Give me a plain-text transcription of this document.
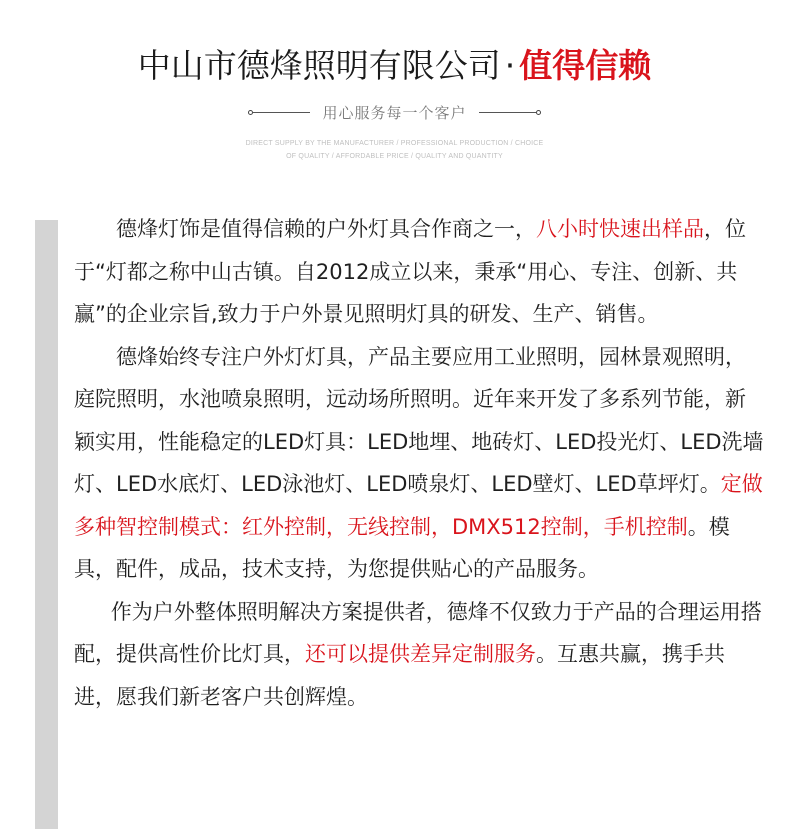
中山市德烽照明有限公司 · 值得信赖
用心服务每一个客户
DIRECT SUPPLY BY THE MANUFACTURER / PROFESSIONAL PRODUCTION / CHOICE
OF QUALITY / AFFORDABLE PRICE / QUALITY AND QUANTITY

德烽灯饰是值得信赖的户外灯具合作商之一，八小时快速出样品，位于“灯都之称中山古镇。自2012成立以来，秉承“用心、专注、创新、共赢”的企业宗旨,致力于户外景见照明灯具的研发、生产、销售。

德烽始终专注户外灯灯具，产品主要应用工业照明，园林景观照明，庭院照明，水池喷泉照明，远动场所照明。近年来开发了多系列节能，新颖实用，性能稳定的LED灯具：LED地埋、地砖灯、LED投光灯、LED洗墙灯、LED水底灯、LED泳池灯、LED喷泉灯、LED壁灯、LED草坪灯。定做多种智控制模式：红外控制，无线控制，DMX512控制，手机控制。模具，配件，成品，技术支持，为您提供贴心的产品服务。

作为户外整体照明解决方案提供者，德烽不仅致力于产品的合理运用搭配，提供高性价比灯具，还可以提供差异定制服务。互惠共赢，携手共进，愿我们新老客户共创辉煌。
